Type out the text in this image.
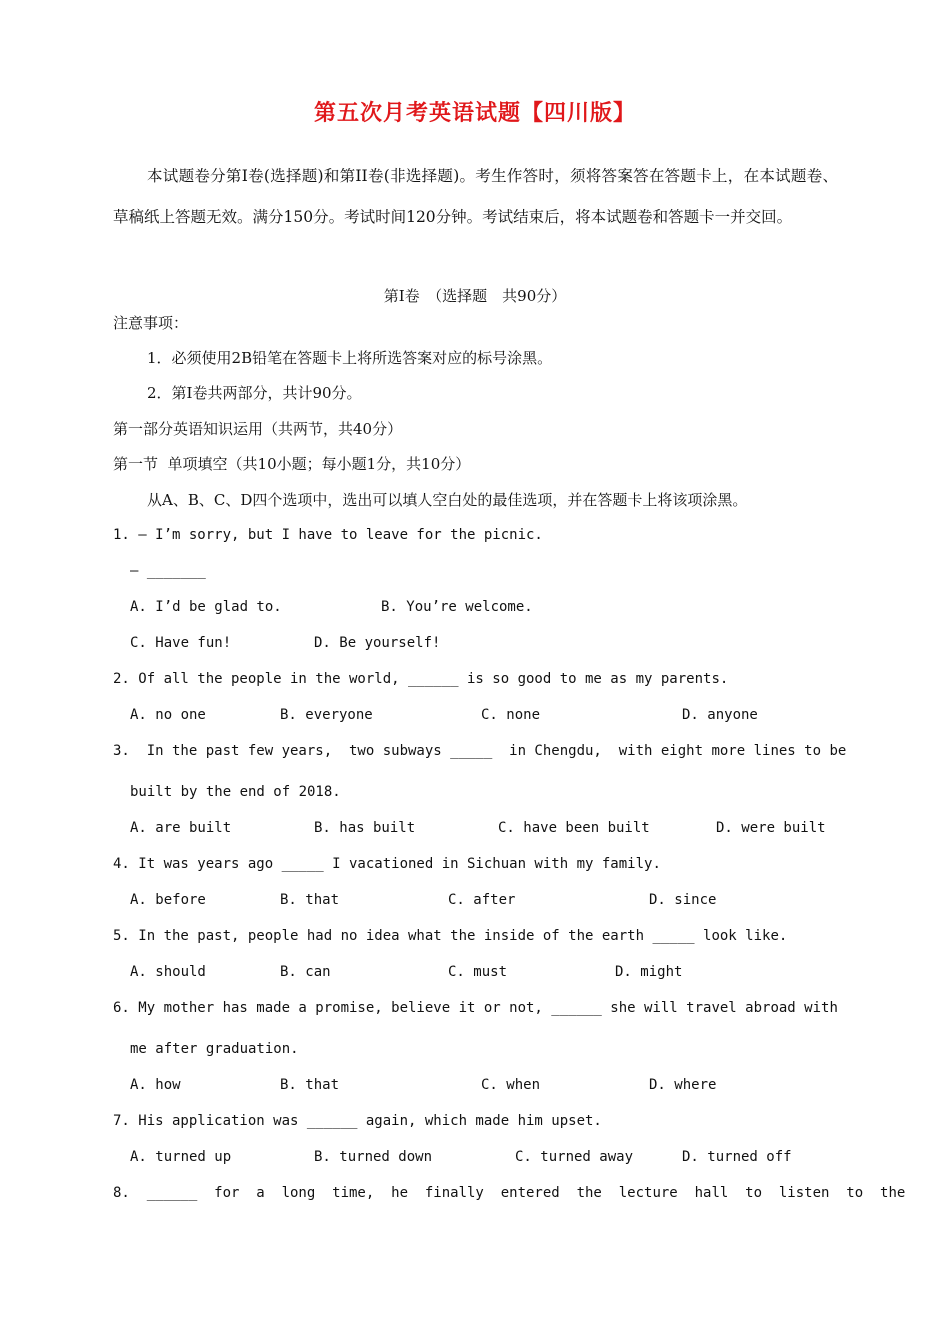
第五次月考英语试题【四川版】
本试题卷分第I卷(选择题)和第II卷(非选择题)。考生作答时，须将答案答在答题卡上，在本试题卷、草稿纸上答题无效。满分150分。考试时间120分钟。考试结束后，将本试题卷和答题卡一并交回。
第I卷　（选择题　共90分）
注意事项：
1．必须使用2B铅笔在答题卡上将所选答案对应的标号涂黑。
2．第I卷共两部分，共计90分。
第一部分英语知识运用（共两节，共40分）
第一节  单项填空（共10小题；每小题1分，共10分）
从A、B、C、D四个选项中，选出可以填人空白处的最佳选项，并在答题卡上将该项涂黑。
1. — I’m sorry, but I have to leave for the picnic.
— _______
A. I’d be glad to.	B. You’re welcome.
C. Have fun!	D. Be yourself!
2. Of all the people in the world, ______ is so good to me as my parents.
A. no one	B. everyone	C. none	D. anyone
3.  In the past few years,  two subways _____  in Chengdu,  with eight more lines to be
built by the end of 2018.
A. are built	B. has built	C. have been built	D. were built
4. It was years ago _____ I vacationed in Sichuan with my family.
A. before	B. that	C. after	D. since
5. In the past, people had no idea what the inside of the earth _____ look like.
A. should	B. can	C. must	D. might
6. My mother has made a promise, believe it or not, ______ she will travel abroad with
me after graduation.
A. how	B. that	C. when	D. where
7. His application was ______ again, which made him upset.
A. turned up	B. turned down	C. turned away	D. turned off
8.  ______  for  a  long  time,  he  finally  entered  the  lecture  hall  to  listen  to  the
